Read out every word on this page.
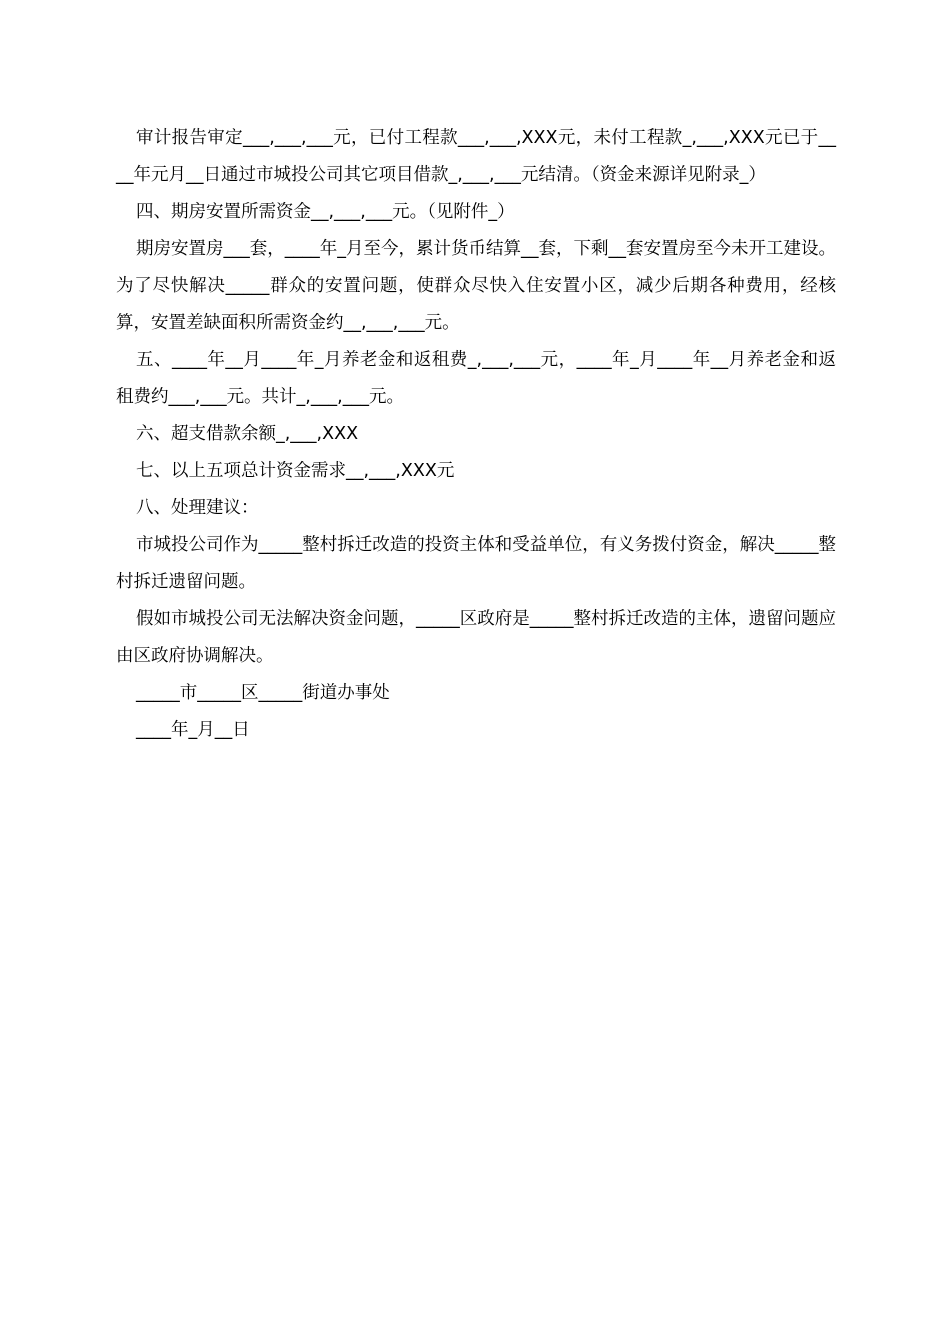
审计报告审定___,___,___元，已付工程款___,___,XXX元，未付工程款_,___,XXX元已于____年元月__日通过市城投公司其它项目借款_,___,___元结清。（资金来源详见附录_）

四、期房安置所需资金__,___,___元。（见附件_）

期房安置房___套，____年_月至今，累计货币结算__套，下剩__套安置房至今未开工建设。为了尽快解决_____群众的安置问题，使群众尽快入住安置小区，减少后期各种费用，经核算，安置差缺面积所需资金约__,___,___元。

五、____年__月____年_月养老金和返租费_,___,___元，____年_月____年__月养老金和返租费约___,___元。共计_,___,___元。

六、超支借款余额_,___,XXX

七、以上五项总计资金需求__,___,XXX元

八、处理建议：

市城投公司作为_____整村拆迁改造的投资主体和受益单位，有义务拨付资金，解决_____整村拆迁遗留问题。

假如市城投公司无法解决资金问题，_____区政府是_____整村拆迁改造的主体，遗留问题应由区政府协调解决。

_____市_____区_____街道办事处

____年_月__日
